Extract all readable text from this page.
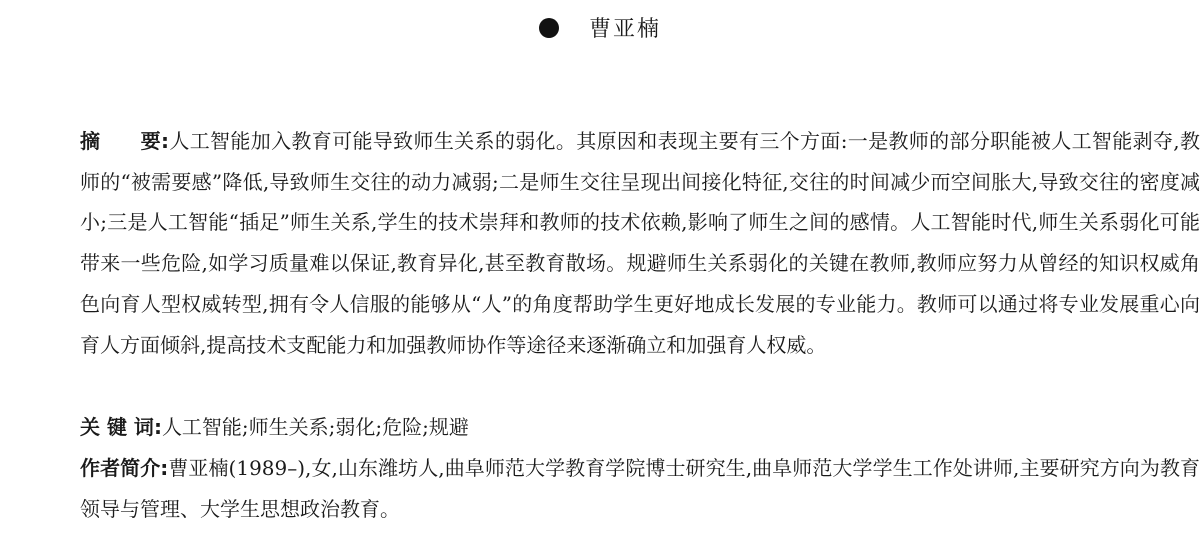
曹亚楠
摘 要:人工智能加入教育可能导致师生关系的弱化。其原因和表现主要有三个方面:一是教师的部分职能被人工智能剥夺,教师的“被需要感”降低,导致师生交往的动力减弱;二是师生交往呈现出间接化特征,交往的时间减少而空间胀大,导致交往的密度减小;三是人工智能“插足”师生关系,学生的技术崇拜和教师的技术依赖,影响了师生之间的感情。人工智能时代,师生关系弱化可能带来一些危险,如学习质量难以保证,教育异化,甚至教育散场。规避师生关系弱化的关键在教师,教师应努力从曾经的知识权威角色向育人型权威转型,拥有令人信服的能够从“人”的角度帮助学生更好地成长发展的专业能力。教师可以通过将专业发展重心向育人方面倾斜,提高技术支配能力和加强教师协作等途径来逐渐确立和加强育人权威。
关 键 词:人工智能;师生关系;弱化;危险;规避
作者简介:曹亚楠(1989–),女,山东潍坊人,曲阜师范大学教育学院博士研究生,曲阜师范大学学生工作处讲师,主要研究方向为教育领导与管理、大学生思想政治教育。
